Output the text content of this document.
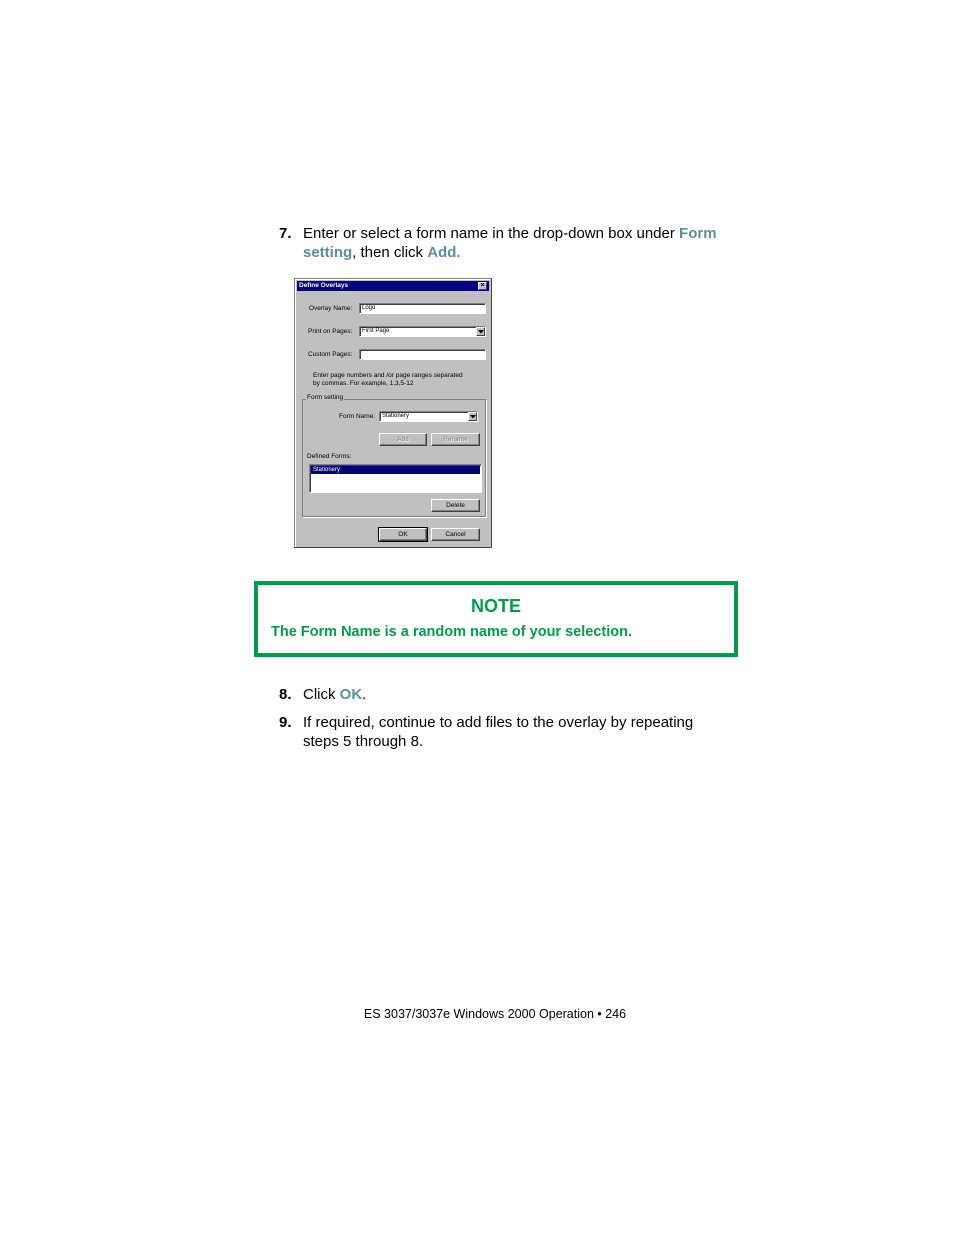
7. Enter or select a form name in the drop-down box under Form setting, then click Add.
Define Overlays	×
Overlay Name:	Logo
Print on Pages:	First Page
Custom Pages:
Enter page numbers and /or page ranges separated
by commas. For example, 1,3,5-12
Form setting
Form Name:	Stationery
Add	Rename
Defined Forms:
Stationery
Delete
OK	Cancel
NOTE
The Form Name is a random name of your selection.
8. Click OK.
9. If required, continue to add files to the overlay by repeating steps 5 through 8.
ES 3037/3037e Windows 2000 Operation • 246
